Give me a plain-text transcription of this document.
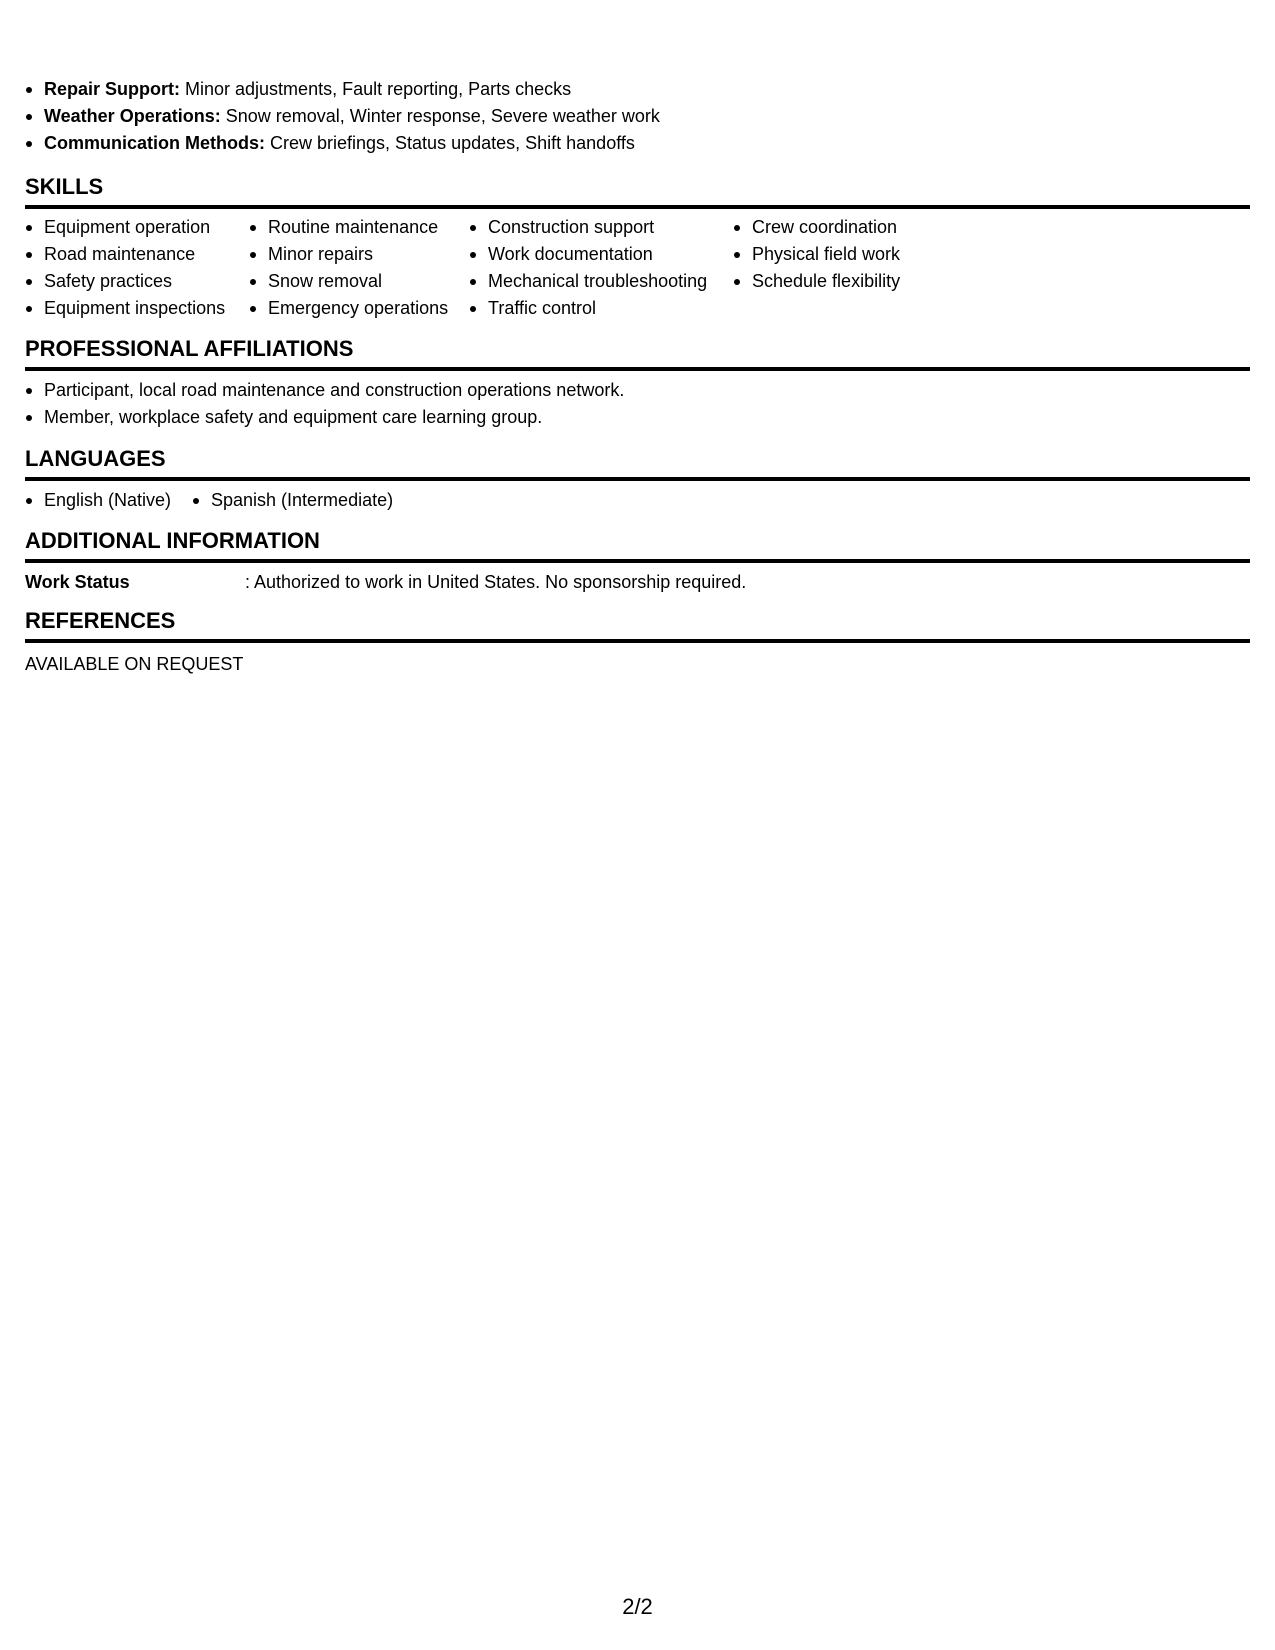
Repair Support: Minor adjustments, Fault reporting, Parts checks
Weather Operations: Snow removal, Winter response, Severe weather work
Communication Methods: Crew briefings, Status updates, Shift handoffs
SKILLS
Equipment operation
Road maintenance
Safety practices
Equipment inspections
Routine maintenance
Minor repairs
Snow removal
Emergency operations
Construction support
Work documentation
Mechanical troubleshooting
Traffic control
Crew coordination
Physical field work
Schedule flexibility
PROFESSIONAL AFFILIATIONS
Participant, local road maintenance and construction operations network.
Member, workplace safety and equipment care learning group.
LANGUAGES
English (Native)	Spanish (Intermediate)
ADDITIONAL INFORMATION
Work Status	: Authorized to work in United States. No sponsorship required.
REFERENCES
AVAILABLE ON REQUEST
2/2
